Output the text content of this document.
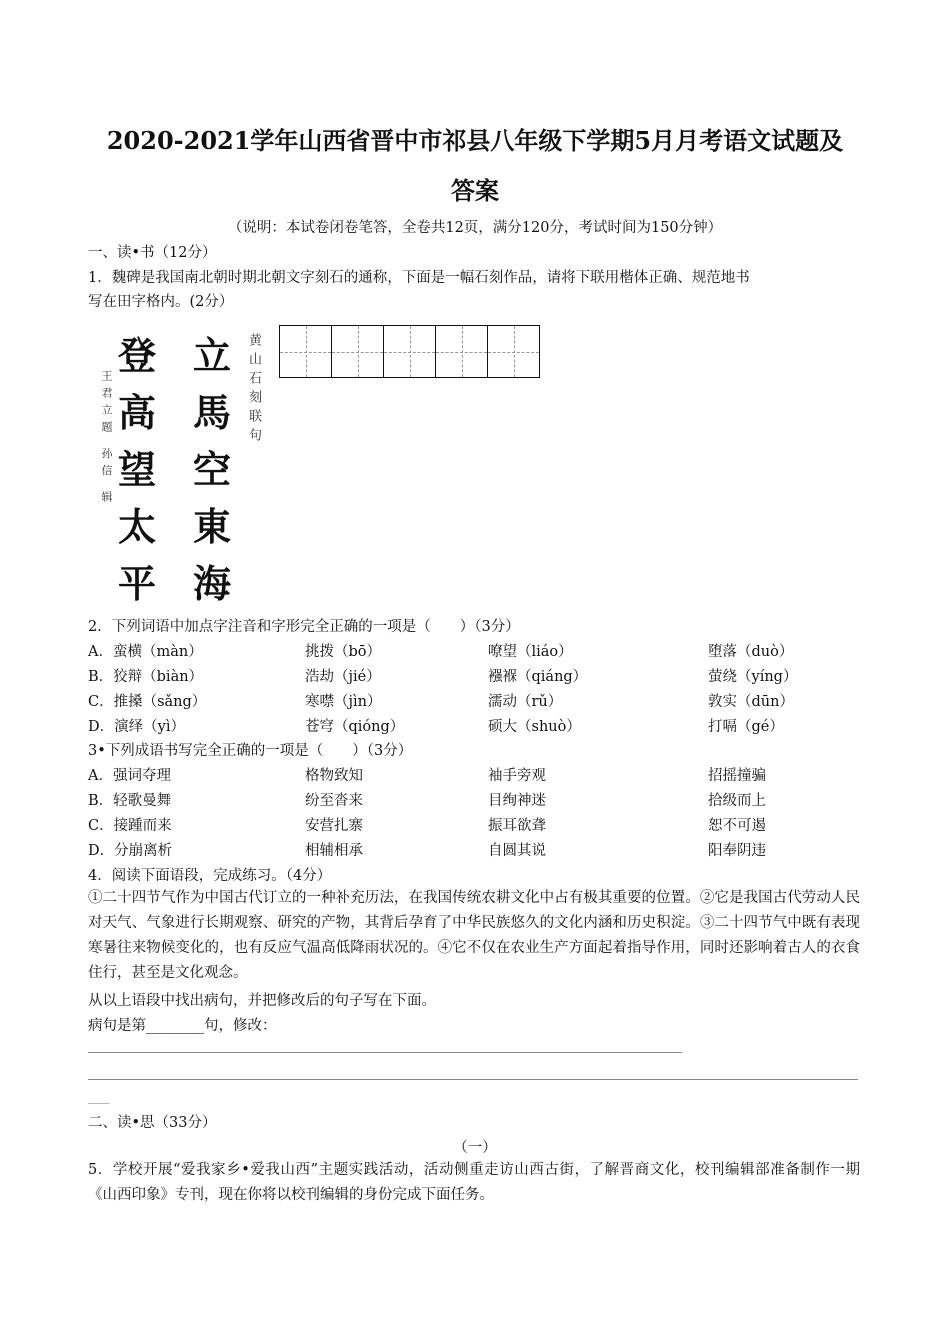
2020-2021学年山西省晋中市祁县八年级下学期5月月考语文试题及
答案
（说明：本试卷闭卷笔答，全卷共12页，满分120分，考试时间为150分钟）
一、读•书（12分）
1．魏碑是我国南北朝时期北朝文字刻石的通称，下面是一幅石刻作品，请将下联用楷体正确、规范地书
写在田字格内。(2分）
登
高
望
太
平
立
馬
空
東
海
黄山石刻联句
王君立题 孙信 辑
2．下列词语中加点字注音和字形完全正确的一项是（　　）（3分）
A．蛮横（màn）	挑拨（bō）	嘹望（liáo）	堕落（duò）
B．狡辩（biàn）	浩劫（jié）	襁褓（qiáng）	萤绕（yíng）
C．推搡（sǎng）	寒噤（jìn）	濡动（rǔ）	敦实（dūn）
D．演绎（yì）	苍穹（qióng）	硕大（shuò）	打嗝（gé）
3•下列成语书写完全正确的一项是（　　）（3分）
A．强词夺理	格物致知	袖手旁观	招摇撞骗
B．轻歌曼舞	纷至沓来	目绚神迷	拾级而上
C．接踵而来	安营扎寨	振耳欲聋	恕不可遏
D．分崩离析	相辅相承	自圆其说	阳奉阴违
4．阅读下面语段，完成练习。（4分）
①二十四节气作为中国古代订立的一种补充历法，在我国传统农耕文化中占有极其重要的位置。②它是我国古代劳动人民对天气、气象进行长期观察、研究的产物，其背后孕育了中华民族悠久的文化内涵和历史积淀。③二十四节气中既有表现寒暑往来物候变化的，也有反应气温高低降雨状况的。④它不仅在农业生产方面起着指导作用，同时还影响着古人的衣食住行，甚至是文化观念。
从以上语段中找出病句，并把修改后的句子写在下面。
病句是第________句，修改：
___
二、读•思（33分）
（一）
5．学校开展“爱我家乡•爱我山西”主题实践活动，活动侧重走访山西古街，了解晋商文化，校刊编辑部准备制作一期《山西印象》专刊，现在你将以校刊编辑的身份完成下面任务。
